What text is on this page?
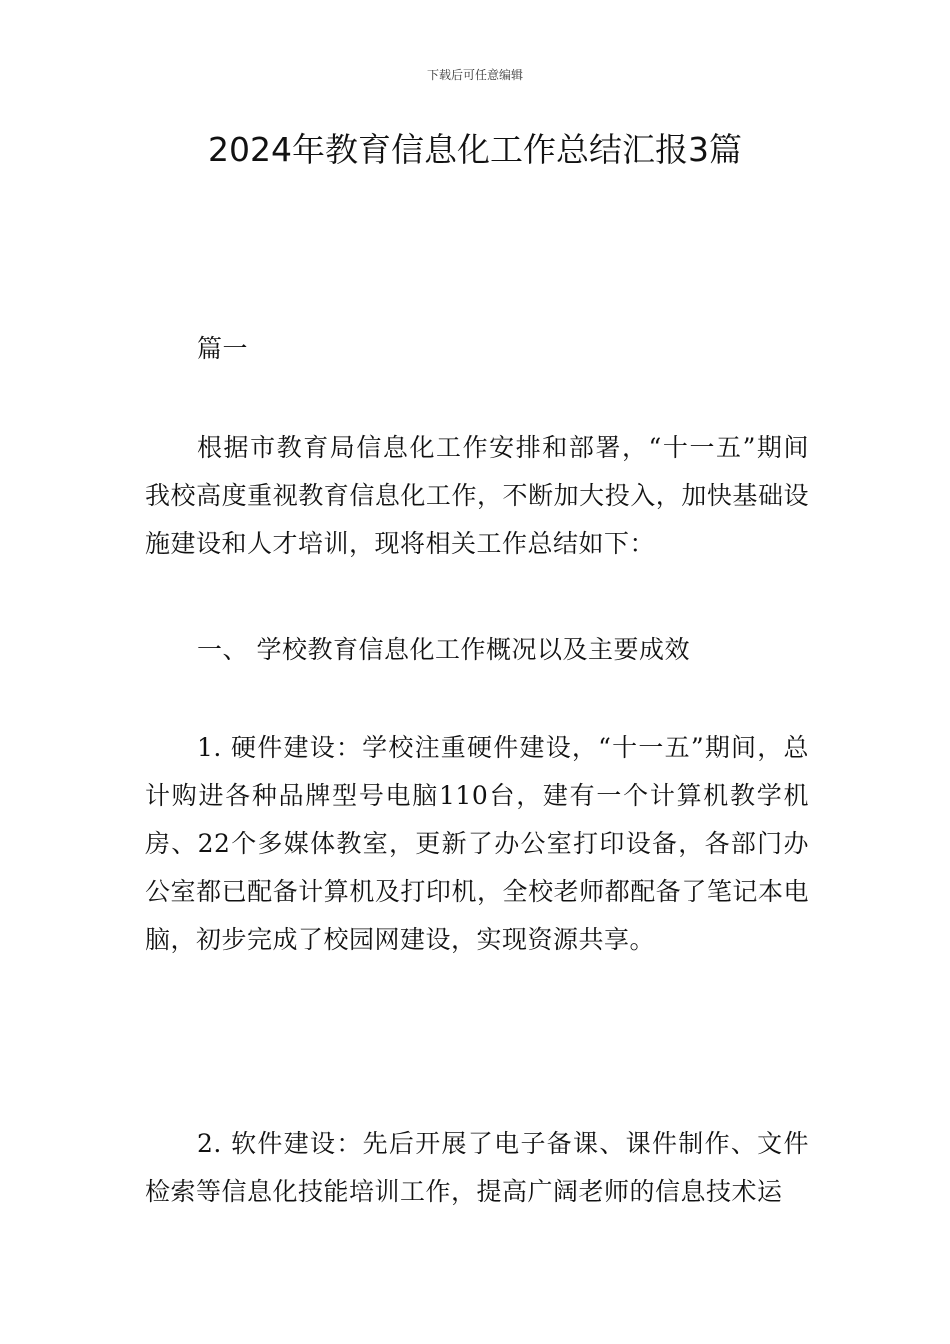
下载后可任意编辑
2024年教育信息化工作总结汇报3篇

篇一

根据市教育局信息化工作安排和部署，“十一五”期间我校高度重视教育信息化工作，不断加大投入，加快基础设施建设和人才培训，现将相关工作总结如下：

一、 学校教育信息化工作概况以及主要成效

1. 硬件建设：学校注重硬件建设，“十一五”期间，总计购进各种品牌型号电脑110台，建有一个计算机教学机房、22个多媒体教室，更新了办公室打印设备，各部门办公室都已配备计算机及打印机，全校老师都配备了笔记本电脑，初步完成了校园网建设，实现资源共享。

2. 软件建设：先后开展了电子备课、课件制作、文件检索等信息化技能培训工作，提高广阔老师的信息技术运
